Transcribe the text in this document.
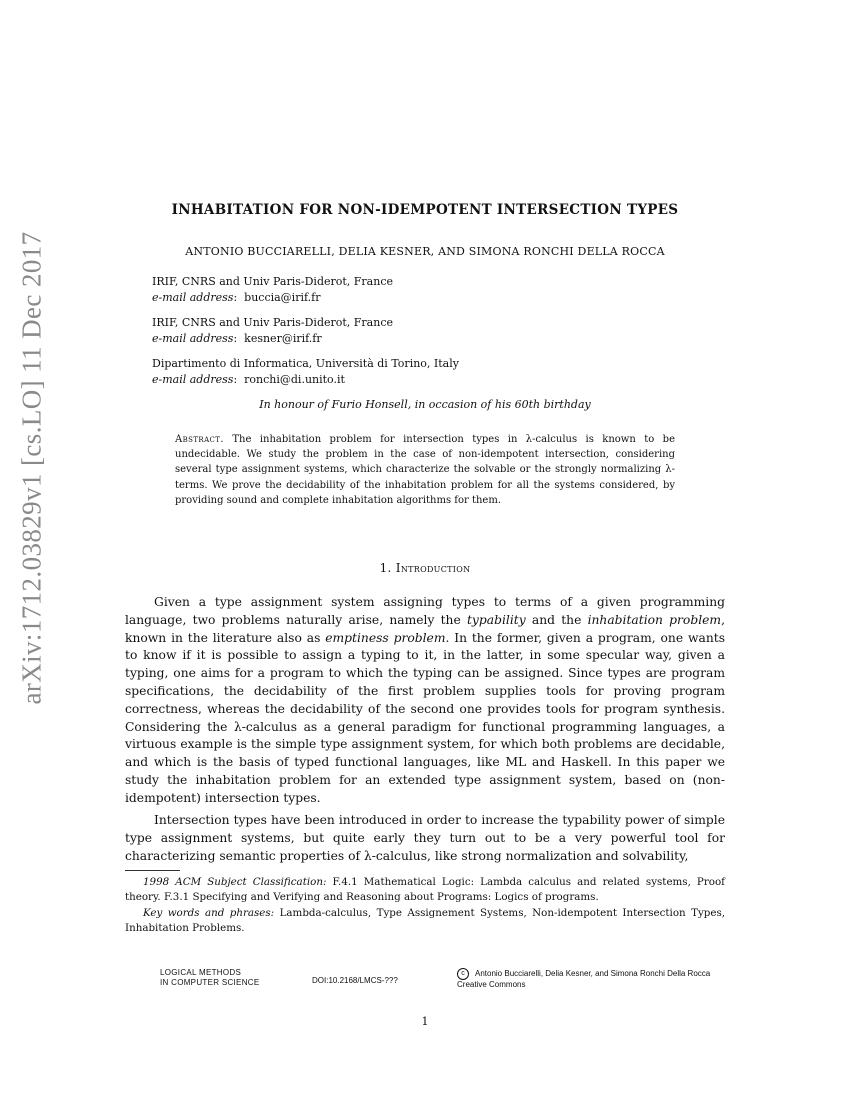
arXiv:1712.03829v1 [cs.LO] 11 Dec 2017
INHABITATION FOR NON-IDEMPOTENT INTERSECTION TYPES
ANTONIO BUCCIARELLI, DELIA KESNER, AND SIMONA RONCHI DELLA ROCCA
IRIF, CNRS and Univ Paris-Diderot, France
e-mail address:  buccia@irif.fr
IRIF, CNRS and Univ Paris-Diderot, France
e-mail address:  kesner@irif.fr
Dipartimento di Informatica, Università di Torino, Italy
e-mail address:  ronchi@di.unito.it
In honour of Furio Honsell, in occasion of his 60th birthday
Abstract. The inhabitation problem for intersection types in λ-calculus is known to be undecidable. We study the problem in the case of non-idempotent intersection, considering several type assignment systems, which characterize the solvable or the strongly normalizing λ-terms. We prove the decidability of the inhabitation problem for all the systems considered, by providing sound and complete inhabitation algorithms for them.
1. Introduction

Given a type assignment system assigning types to terms of a given programming language, two problems naturally arise, namely the typability and the inhabitation problem, known in the literature also as emptiness problem. In the former, given a program, one wants to know if it is possible to assign a typing to it, in the latter, in some specular way, given a typing, one aims for a program to which the typing can be assigned. Since types are program specifications, the decidability of the first problem supplies tools for proving program correctness, whereas the decidability of the second one provides tools for program synthesis. Considering the λ-calculus as a general paradigm for functional programming languages, a virtuous example is the simple type assignment system, for which both problems are decidable, and which is the basis of typed functional languages, like ML and Haskell. In this paper we study the inhabitation problem for an extended type assignment system, based on (non-idempotent) intersection types.

Intersection types have been introduced in order to increase the typability power of simple type assignment systems, but quite early they turn out to be a very powerful tool for characterizing semantic properties of λ-calculus, like strong normalization and solvability,

1998 ACM Subject Classification: F.4.1 Mathematical Logic: Lambda calculus and related systems, Proof theory. F.3.1 Specifying and Verifying and Reasoning about Programs: Logics of programs.

Key words and phrases: Lambda-calculus, Type Assignement Systems, Non-idempotent Intersection Types, Inhabitation Problems.

LOGICAL METHODS
IN COMPUTER SCIENCE	DOI:10.2168/LMCS-???
c Antonio Bucciarelli, Delia Kesner, and Simona Ronchi Della Rocca
Creative Commons
1
